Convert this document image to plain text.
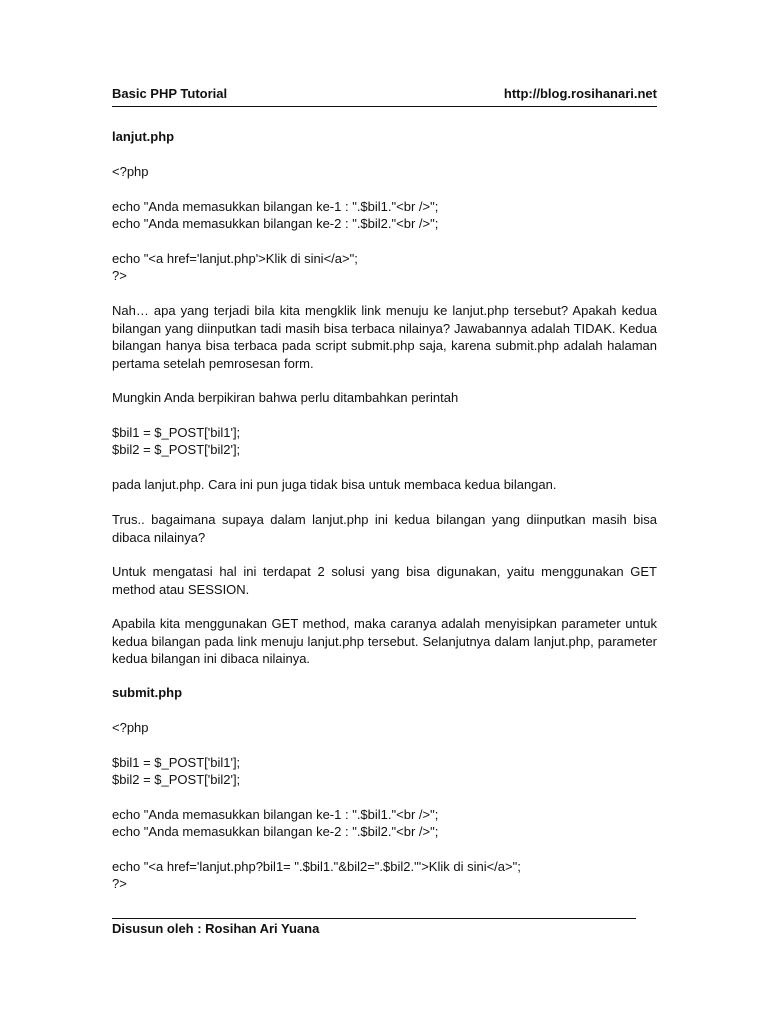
Basic PHP Tutorial	http://blog.rosihanari.net
lanjut.php
<?php
echo "Anda memasukkan bilangan ke-1 : ".$bil1."<br />";
echo "Anda memasukkan bilangan ke-2 : ".$bil2."<br />";
echo "<a href='lanjut.php'>Klik di sini</a>";
?>
Nah… apa yang terjadi bila kita mengklik link menuju ke lanjut.php tersebut? Apakah kedua bilangan yang diinputkan tadi masih bisa terbaca nilainya? Jawabannya adalah TIDAK. Kedua bilangan hanya bisa terbaca pada script submit.php saja, karena submit.php adalah halaman pertama setelah pemrosesan form.
Mungkin Anda berpikiran bahwa perlu ditambahkan perintah
$bil1 = $_POST['bil1'];
$bil2 = $_POST['bil2'];
pada lanjut.php. Cara ini pun juga tidak bisa untuk membaca kedua bilangan.
Trus.. bagaimana supaya dalam lanjut.php ini kedua bilangan yang diinputkan masih bisa dibaca nilainya?
Untuk mengatasi hal ini terdapat 2 solusi yang bisa digunakan, yaitu menggunakan GET method atau SESSION.
Apabila kita menggunakan GET method, maka caranya adalah menyisipkan parameter untuk kedua bilangan pada link menuju lanjut.php tersebut. Selanjutnya dalam lanjut.php, parameter kedua bilangan ini dibaca nilainya.
submit.php
<?php
$bil1 = $_POST['bil1'];
$bil2 = $_POST['bil2'];
echo "Anda memasukkan bilangan ke-1 : ".$bil1."<br />";
echo "Anda memasukkan bilangan ke-2 : ".$bil2."<br />";
echo "<a href='lanjut.php?bil1= ".$bil1."&bil2=".$bil2."'>Klik di sini</a>";
?>
Disusun oleh : Rosihan Ari Yuana
